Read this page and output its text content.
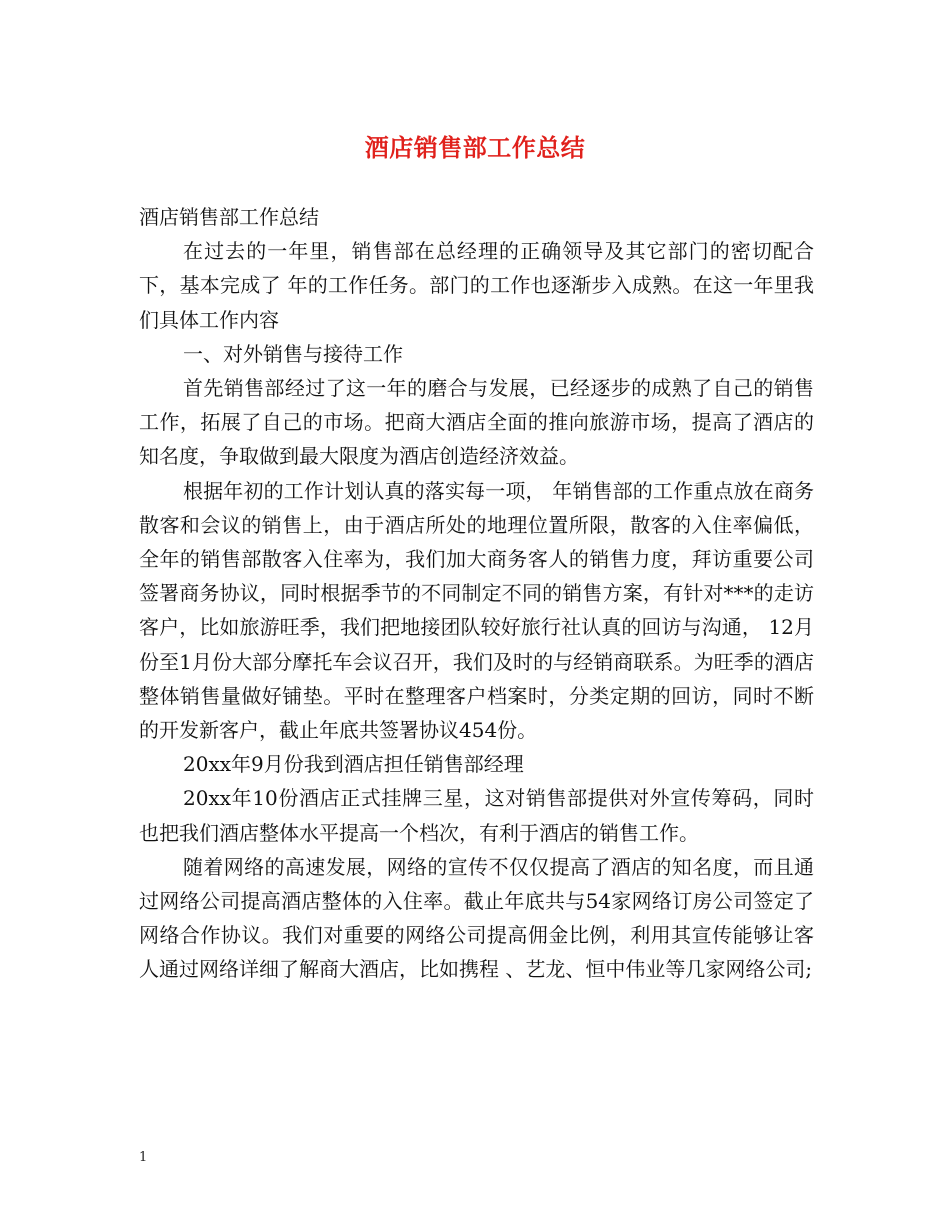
酒店销售部工作总结

酒店销售部工作总结

在过去的一年里，销售部在总经理的正确领导及其它部门的密切配合下，基本完成了 年的工作任务。部门的工作也逐渐步入成熟。在这一年里我们具体工作内容

一、对外销售与接待工作

首先销售部经过了这一年的磨合与发展，已经逐步的成熟了自己的销售工作，拓展了自己的市场。把商大酒店全面的推向旅游市场，提高了酒店的知名度，争取做到最大限度为酒店创造经济效益。

根据年初的工作计划认真的落实每一项， 年销售部的工作重点放在商务散客和会议的销售上，由于酒店所处的地理位置所限，散客的入住率偏低，全年的销售部散客入住率为，我们加大商务客人的销售力度，拜访重要公司签署商务协议，同时根据季节的不同制定不同的销售方案，有针对***的走访客户，比如旅游旺季，我们把地接团队较好旅行社认真的回访与沟通， 12月份至1月份大部分摩托车会议召开，我们及时的与经销商联系。为旺季的酒店整体销售量做好铺垫。平时在整理客户档案时，分类定期的回访，同时不断的开发新客户，截止年底共签署协议454份。

20xx年9月份我到酒店担任销售部经理

20xx年10份酒店正式挂牌三星，这对销售部提供对外宣传筹码，同时也把我们酒店整体水平提高一个档次，有利于酒店的销售工作。

随着网络的高速发展，网络的宣传不仅仅提高了酒店的知名度，而且通过网络公司提高酒店整体的入住率。截止年底共与54家网络订房公司签定了网络合作协议。我们对重要的网络公司提高佣金比例，利用其宣传能够让客人通过网络详细了解商大酒店，比如携程 、艺龙、恒中伟业等几家网络公司;

1
